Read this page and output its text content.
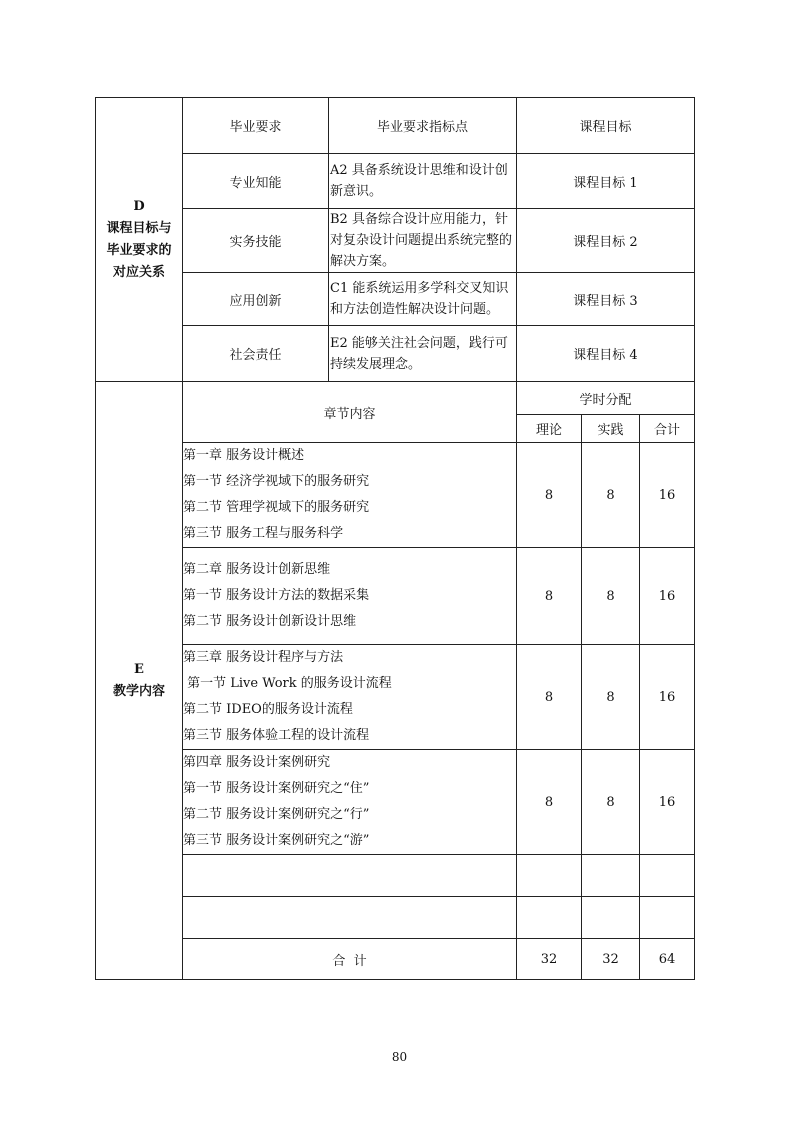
D
课程目标与
毕业要求的
对应关系	毕业要求	毕业要求指标点	课程目标		
	专业知能	A2 具备系统设计思维和设计创新意识。	课程目标 1		
	实务技能	B2 具备综合设计应用能力，针对复杂设计问题提出系统完整的解决方案。	课程目标 2		
	应用创新	C1 能系统运用多学科交叉知识和方法创造性解决设计问题。	课程目标 3		
	社会责任	E2 能够关注社会问题，践行可持续发展理念。	课程目标 4		

E
教学内容	章节内容		学时分配		
			理论	实践	合计

	第一章 服务设计概述
第一节 经济学视域下的服务研究
第二节 管理学视域下的服务研究
第三节 服务工程与服务科学		8	8	16

	第二章 服务设计创新思维
第一节 服务设计方法的数据采集
第二节 服务设计创新设计思维		8	8	16

	第三章 服务设计程序与方法
第一节 Live Work 的服务设计流程
第二节 IDEO的服务设计流程
第三节 服务体验工程的设计流程		8	8	16

	第四章 服务设计案例研究
第一节 服务设计案例研究之“住”
第二节 服务设计案例研究之“行”
第三节 服务设计案例研究之“游”		8	8	16

	合  计		32	32	64
80
